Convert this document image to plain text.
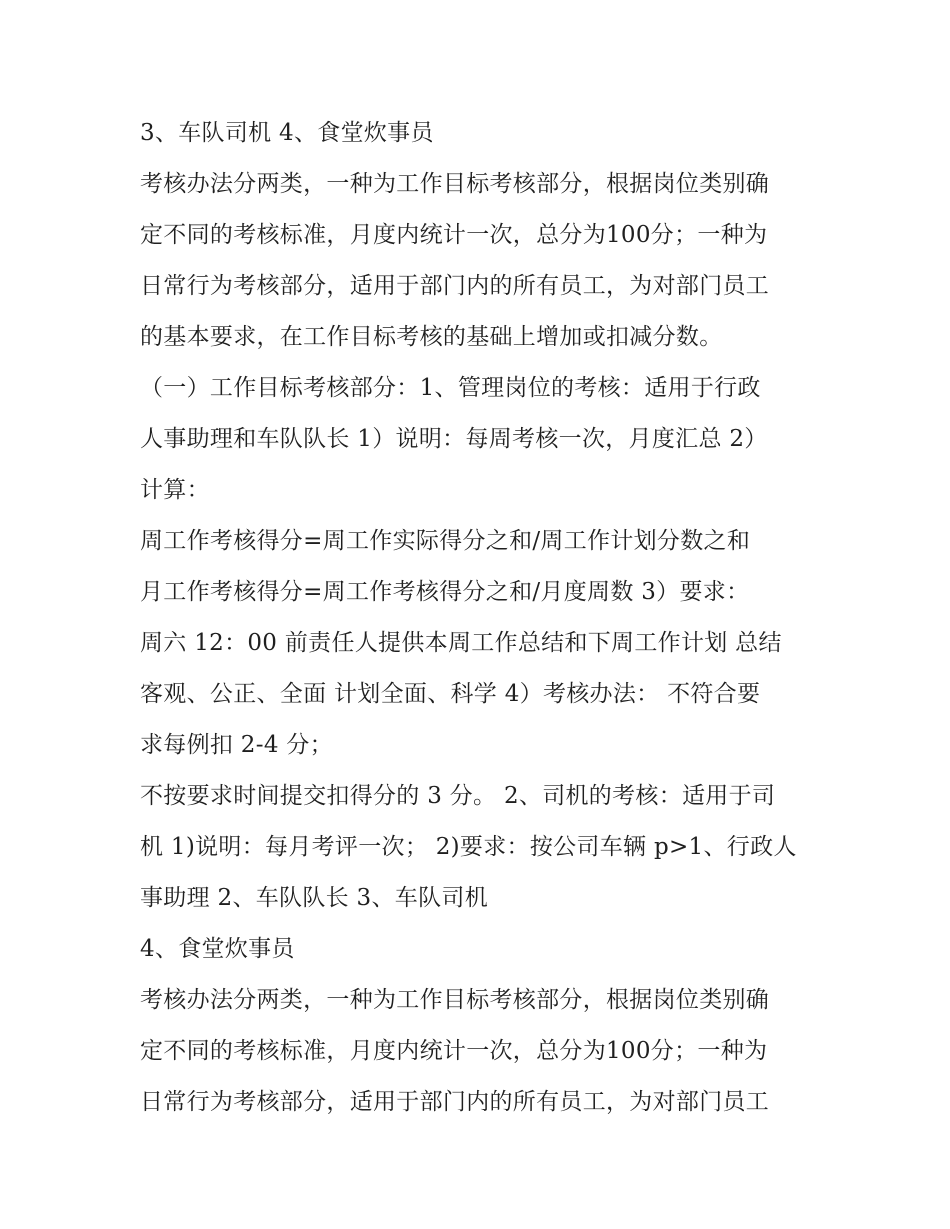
3、车队司机 4、食堂炊事员
考核办法分两类，一种为工作目标考核部分，根据岗位类别确
定不同的考核标准，月度内统计一次，总分为100分；一种为
日常行为考核部分，适用于部门内的所有员工，为对部门员工
的基本要求，在工作目标考核的基础上增加或扣减分数。
（一）工作目标考核部分：1、管理岗位的考核：适用于行政
人事助理和车队队长 1）说明：每周考核一次，月度汇总 2）
计算：
周工作考核得分=周工作实际得分之和/周工作计划分数之和
月工作考核得分=周工作考核得分之和/月度周数 3）要求：
周六 12：00 前责任人提供本周工作总结和下周工作计划 总结
客观、公正、全面 计划全面、科学 4）考核办法： 不符合要
求每例扣 2-4 分；
不按要求时间提交扣得分的 3 分。 2、司机的考核：适用于司
机 1)说明：每月考评一次； 2)要求：按公司车辆 p>1、行政人
事助理 2、车队队长 3、车队司机
4、食堂炊事员
考核办法分两类，一种为工作目标考核部分，根据岗位类别确
定不同的考核标准，月度内统计一次，总分为100分；一种为
日常行为考核部分，适用于部门内的所有员工，为对部门员工
